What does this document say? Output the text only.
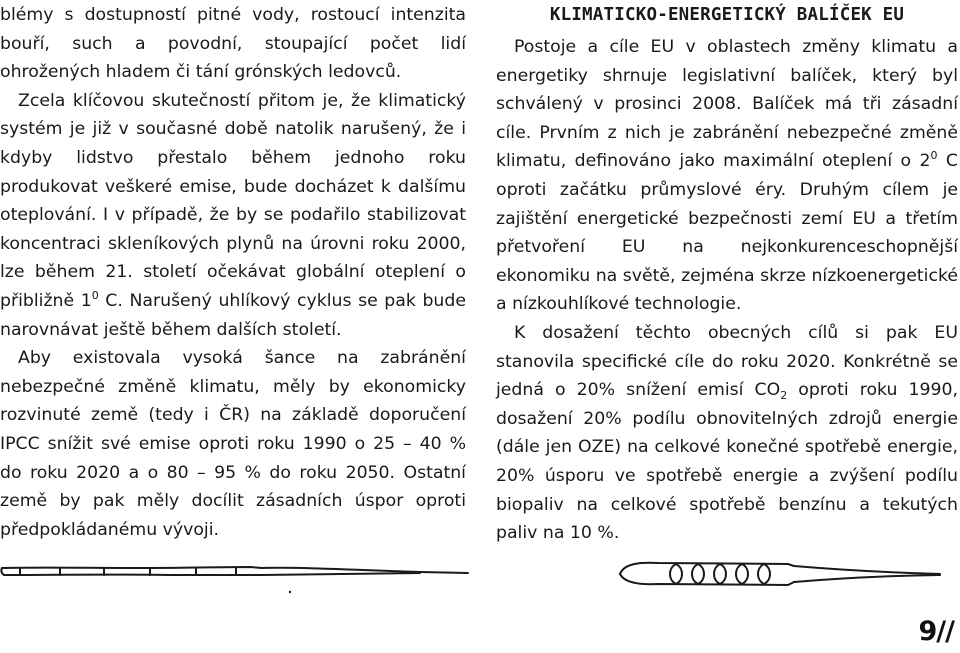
blémy s dostupností pitné vody, rostoucí intenzita bouří, such a povodní, stoupající počet lidí ohrožených hladem či tání grónských ledovců.

Zcela klíčovou skutečností přitom je, že klimatický systém je již v současné době natolik narušený, že i kdyby lidstvo přestalo během jednoho roku produkovat veškeré emise, bude docházet k dalšímu oteplování. I v případě, že by se podařilo stabilizovat koncentraci skleníkových plynů na úrovni roku 2000, lze během 21. století očekávat globální oteplení o přibližně $1^0$ C. Narušený uhlíkový cyklus se pak bude narovnávat ještě během dalších století.

Aby existovala vysoká šance na zabránění nebezpečné změně klimatu, měly by ekonomicky rozvinuté země (tedy i ČR) na základě doporučení IPCC snížit své emise oproti roku 1990 o 25 – 40 % do roku 2020 a o 80 – 95 % do roku 2050. Ostatní země by pak měly docílit zásadních úspor oproti předpokládanému vývoji.

KLIMATICKO-ENERGETICKÝ BALÍČEK EU

Postoje a cíle EU v oblastech změny klimatu a energetiky shrnuje legislativní balíček, který byl schválený v prosinci 2008. Balíček má tři zásadní cíle. Prvním z nich je zabránění nebezpečné změně klimatu, definováno jako maximální oteplení o $2^0$ C oproti začátku průmyslové éry. Druhým cílem je zajištění energetické bezpečnosti zemí EU a třetím přetvoření EU na nejkonkurenceschopnější ekonomiku na světě, zejména skrze nízkoenergetické a nízkouhlíkové technologie.

K dosažení těchto obecných cílů si pak EU stanovila specifické cíle do roku 2020. Konkrétně se jedná o 20% snížení emisí $CO_2$ oproti roku 1990, dosažení 20% podílu obnovitelných zdrojů energie (dále jen OZE) na celkové konečné spotřebě energie, 20% úsporu ve spotřebě energie a zvýšení podílu biopaliv na celkové spotřebě benzínu a tekutých paliv na 10 %.

9//
